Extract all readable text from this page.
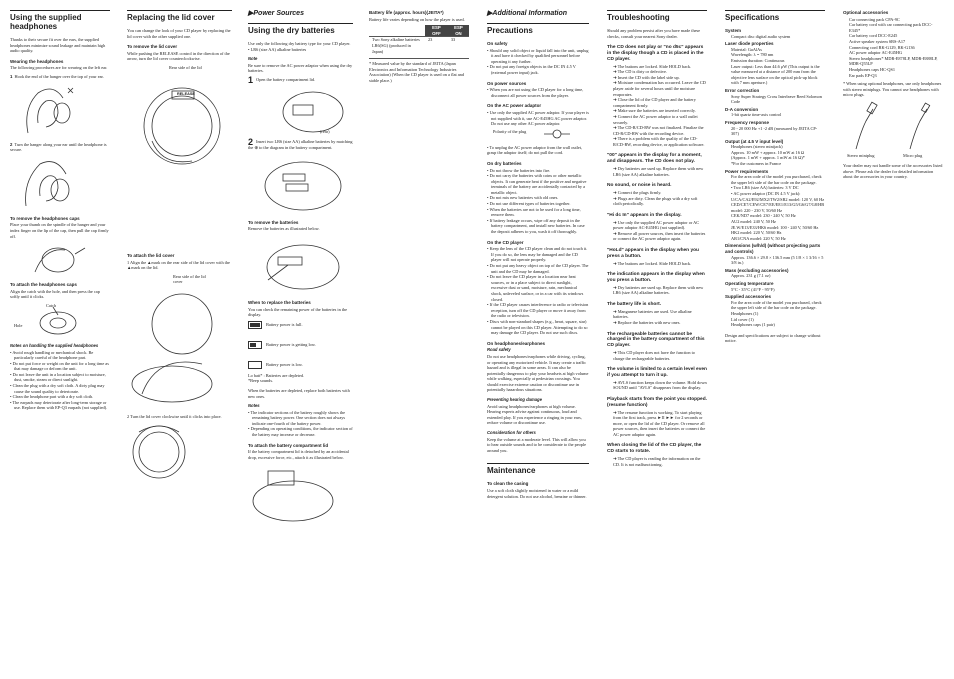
Using the supplied headphones

Thanks to their secure fit over the ears, the supplied headphones minimize sound leakage and maintain high audio quality.

Wearing the headphones

The following procedures are for wearing on the left ear.

1 Hook the end of the hanger over the top of your ear.

2 Turn the hanger along your ear until the headphone is secure.

To remove the headphones caps

Place your thumb on the spindle of the hanger and your index finger on the lip of the cap, then pull the cap firmly off.

To attach the headphones caps

Align the catch with the hole, and then press the cap softly until it clicks.

Catch
Hole
Notes on handling the supplied headphones

• Avoid rough handling or mechanical shock. Be particularly careful of the headphone part.

• Do not put force or weight on the unit for a long time as that may damage or deform the unit.

• Do not leave the unit in a location subject to moisture, dust, smoke, steam or direct sunlight.

• Clean the plug with a dry soft cloth. A dirty plug may cause the sound quality to deteriorate.

• Clean the headphone part with a dry soft cloth.

• The earpads may deteriorate after long-term storage or use. Replace them with EP-Q3 earpads (not supplied).

Replacing the lid cover

You can change the look of your CD player by replacing the lid cover with the other supplied one.

To remove the lid cover

While pushing the RELEASE control in the direction of the arrow, turn the lid cover counterclockwise.

Rear side of the lid
RELEASE
To attach the lid cover

1 Align the ▲mark on the rear side of the lid cover with the ▲mark on the lid.

Rear side of the lid cover

2 Turn the lid cover clockwise until it clicks into place.

▶Power Sources
Using the dry batteries

Use only the following dry battery type for your CD player.

• LR6 (size AA) alkaline batteries

Note

Be sure to remove the AC power adaptor when using the dry batteries.

1 Open the battery compartment lid.

(rear)

2 Insert two LR6 (size AA) alkaline batteries by matching the ⊕ to the diagram in the battery compartment.

To remove the batteries

Remove the batteries as illustrated below.

When to replace the batteries

You can check the remaining power of the batteries in the display.

Battery power is full.

Battery power is getting low.

Battery power is low.

Lo batt* : Batteries are depleted.
*Beep sounds.

When the batteries are depleted, replace both batteries with new ones.

Notes

• The indicator sections of the battery roughly shows the remaining battery power. One section does not always indicate one-fourth of the battery power.

• Depending on operating conditions, the indicator section of the battery may increase or decrease.

To attach the battery compartment lid

If the battery compartment lid is detached by an accidental drop, excessive force, etc., attach it as illustrated below.

Battery life (approx. hours)(JEITA*)

Battery life varies depending on how the player is used.

	ESP OFF	ESP ON
Two Sony alkaline batteries LR6(SG) (produced in Japan)	23	33

* Measured value by the standard of JEITA (Japan Electronics and Information Technology Industries Association) (When the CD player is used on a flat and stable place.)

▶Additional Information
Precautions
On safety

• Should any solid object or liquid fall into the unit, unplug it and have it checked by qualified personnel before operating it any further.

• Do not put any foreign objects in the DC IN 4.5 V (external power input) jack.

On power sources

• When you are not using the CD player for a long time, disconnect all power sources from the player.

On the AC power adaptor

• Use only the supplied AC power adaptor. If your player is not supplied with it, use AC-E45HG AC power adaptor. Do not use any other AC power adaptor.

Polarity of the plug

• To unplug the AC power adaptor from the wall outlet, grasp the adaptor itself; do not pull the cord.

On dry batteries

• Do not throw the batteries into fire.

• Do not carry the batteries with coins or other metallic objects. It can generate heat if the positive and negative terminals of the battery are accidentally contacted by a metallic object.

• Do not mix new batteries with old ones.

• Do not use different types of batteries together.

• When the batteries are not to be used for a long time, remove them.

• If battery leakage occurs, wipe off any deposit in the battery compartment, and install new batteries. In case the deposit adheres to you, wash it off thoroughly.

On the CD player

• Keep the lens of the CD player clean and do not touch it. If you do so, the lens may be damaged and the CD player will not operate properly.

• Do not put any heavy object on top of the CD player. The unit and the CD may be damaged.

• Do not leave the CD player in a location near heat sources, or in a place subject to direct sunlight, excessive dust or sand, moisture, rain, mechanical shock, unleveled surface, or in a car with its windows closed.

• If the CD player causes interference to radio or television reception, turn off the CD player or move it away from the radio or television.

• Discs with non-standard shapes (e.g., heart, square, star) cannot be played on this CD player. Attempting to do so may damage the CD player. Do not use such discs.

On headphones/earphones
Road safety

Do not use headphones/earphones while driving, cycling, or operating any motorized vehicle. It may create a traffic hazard and is illegal in some areas. It can also be potentially dangerous to play your headsets at high volume while walking, especially at pedestrian crossings. You should exercise extreme caution or discontinue use in potentially hazardous situations.

Preventing hearing damage

Avoid using headphones/earphones at high volume. Hearing experts advise against continuous, loud and extended play. If you experience a ringing in your ears, reduce volume or discontinue use.

Consideration for others

Keep the volume at a moderate level. This will allow you to hear outside sounds and to be considerate to the people around you.

Maintenance
To clean the casing

Use a soft cloth slightly moistened in water or a mild detergent solution. Do not use alcohol, benzine or thinner.

Troubleshooting

Should any problem persist after you have made these checks, consult your nearest Sony dealer.

The CD does not play or "no d5c" appears in the display though a CD is placed in the CD player.

➜ The buttons are locked. Slide HOLD back.

➜ The CD is dirty or defective.

➜ Insert the CD with the label side up.

➜ Moisture condensation has occurred. Leave the CD player aside for several hours until the moisture evaporates.

➜ Close the lid of the CD player and the battery compartment firmly.

➜ Make sure the batteries are inserted correctly.

➜ Connect the AC power adaptor to a wall outlet securely.

➜ The CD-R/CD-RW was not finalized. Finalize the CD-R/CD-RW with the recording device.

➜ There is a problem with the quality of the CD-R/CD-RW, recording device, or application software.

"00" appears in the display for a moment, and disappears. The CD does not play.

➜ Dry batteries are used up. Replace them with new LR6 (size AA) alkaline batteries.

No sound, or noise is heard.

➜ Connect the plugs firmly.

➜ Plugs are dirty. Clean the plugs with a dry soft cloth periodically.

"Hi dc In" appears in the display.

➜ Use only the supplied AC power adaptor or AC power adaptor AC-E45HG (not supplied).

➜ Remove all power sources, then insert the batteries or connect the AC power adaptor again.

"HoLd" appears in the display when you press a button.

➜ The buttons are locked. Slide HOLD back.

The indication appears in the display when you press a button.

➜ Dry batteries are used up. Replace them with new LR6 (size AA) alkaline batteries.

The battery life is short.

➜ Manganese batteries are used. Use alkaline batteries.

➜ Replace the batteries with new ones.

The rechargeable batteries cannot be charged in the battery compartment of this CD player.

➜ This CD player does not have the function to charge the rechargeable batteries.

The volume is limited to a certain level even if you attempt to turn it up.

➜ AVLS function keeps down the volume. Hold down SOUND until "AVLS" disappears from the display.

Playback starts from the point you stopped. (resume function)

➜ The resume function is working. To start playing from the first track, press ►II ►► for 2 seconds or more, or open the lid of the CD player. Or remove all power sources, then insert the batteries or connect the AC power adaptor again.

When closing the lid of the CD player, the CD starts to rotate.

➜ The CD player is reading the information on the CD. It is not malfunctioning.

Specifications
System

Compact disc digital audio system

Laser diode properties

Material: GaAlAs
Wavelength: λ = 780 nm
Emission duration: Continuous
Laser output: Less than 44.6 μW (This output is the value measured at a distance of 200 mm from the objective lens surface on the optical pick-up block with 7 mm aperture.)

Error correction

Sony Super Strategy Cross Interleave Reed Solomon Code

D-A conversion

1-bit quartz time-axis control

Frequency response

20 - 20 000 Hz +1 -2 dB (measured by JEITA CP-307)

Output (at 4.5 V input level)

Headphones (stereo minijack)
Approx. 10 mW + approx. 10 mW at 16 Ω
(Approx. 1 mW + approx. 1 mW at 16 Ω)*
*For the customers in France

Power requirements

For the area code of the model you purchased, check the upper left side of the bar code on the package.
• Two LR6 (size AA) batteries: 3 V DC
• AC power adaptor (DC IN 4.5 V jack):
U/CA/CA2/E92/MX2/TW2/SR2 model: 120 V, 60 Hz
CED/CE7/CEW/CE7/EE/EE1/E13/G5/G6/G7/G8/HB model: 220 - 230 V, 50/60 Hz
CEK/ND7 model: 230 - 240 V, 50 Hz
AU2 model: 240 V, 50 Hz
JE.W/E13/E33/HK6 model: 100 - 240 V, 50/60 Hz
HK2 model: 220 V, 50/60 Hz
AR1/CNA model: 220 V, 50 Hz

Dimensions (w/h/d) (without projecting parts and controls)

Approx. 136.6 × 29.8 × 136.5 mm (5 1/8 × 1 3/16 × 5 3/8 in.)

Mass (excluding accessories)

Approx. 231 g (7.1 oz)

Operating temperature

5°C - 35°C (41°F - 95°F)

Supplied accessories

For the area code of the model you purchased, check the upper left side of the bar code on the package.
Headphones (1)
Lid cover (1)
Headphones caps (1 pair)

Design and specifications are subject to change without notice.

Optional accessories

Car connecting pack CPA-9C
Car battery cord with car connecting pack DCC-E345*
Car battery cord DCC-E245
Active speaker system SRS-A17
Connecting cord RK-G129, RK-G136
AC power adaptor AC-E45HG
Stereo headphones* MDR-E878LP, MDR-E888LP, MDR-Q55LP
Headphones caps HC-QS1
Ear pads EP-Q3

* When using optional headphones, use only headphones with stereo miniplugs. You cannot use headphones with micro plugs.

Stereo miniplug	Micro plug

Your dealer may not handle some of the accessories listed above. Please ask the dealer for detailed information about the accessories in your country.
